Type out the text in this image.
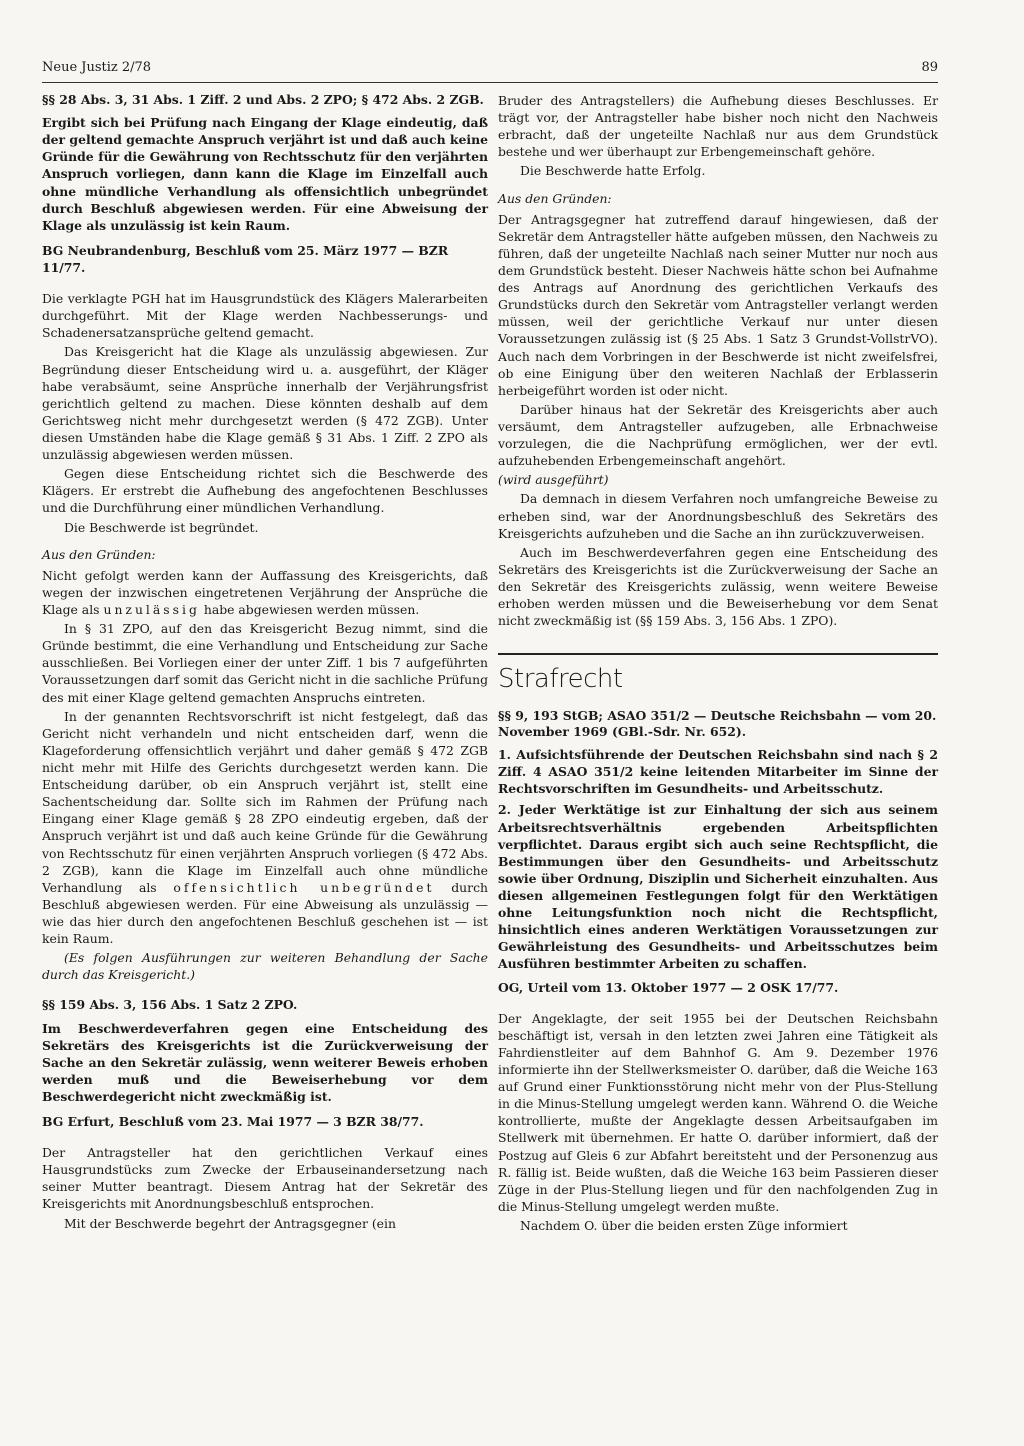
Neue Justiz 2/78	89

§§ 28 Abs. 3, 31 Abs. 1 Ziff. 2 und Abs. 2 ZPO; § 472 Abs. 2 ZGB.

Ergibt sich bei Prüfung nach Eingang der Klage eindeutig, daß der geltend gemachte Anspruch verjährt ist und daß auch keine Gründe für die Gewährung von Rechtsschutz für den verjährten Anspruch vorliegen, dann kann die Klage im Einzelfall auch ohne mündliche Verhandlung als offensichtlich unbegründet durch Beschluß abgewiesen werden. Für eine Abweisung der Klage als unzulässig ist kein Raum.

BG Neubrandenburg, Beschluß vom 25. März 1977 — BZR 11/77.

Die verklagte PGH hat im Hausgrundstück des Klägers Malerarbeiten durchgeführt. Mit der Klage werden Nachbesserungs- und Schadenersatzansprüche geltend gemacht.

Das Kreisgericht hat die Klage als unzulässig abgewiesen. Zur Begründung dieser Entscheidung wird u. a. ausgeführt, der Kläger habe verabsäumt, seine Ansprüche innerhalb der Verjährungsfrist gerichtlich geltend zu machen. Diese könnten deshalb auf dem Gerichtsweg nicht mehr durchgesetzt werden (§ 472 ZGB). Unter diesen Umständen habe die Klage gemäß § 31 Abs. 1 Ziff. 2 ZPO als unzulässig abgewiesen werden müssen.

Gegen diese Entscheidung richtet sich die Beschwerde des Klägers. Er erstrebt die Aufhebung des angefochtenen Beschlusses und die Durchführung einer mündlichen Verhandlung.

Die Beschwerde ist begründet.

Aus den Gründen:

Nicht gefolgt werden kann der Auffassung des Kreisgerichts, daß wegen der inzwischen eingetretenen Verjährung der Ansprüche die Klage als unzulässig habe abgewiesen werden müssen.

In § 31 ZPO, auf den das Kreisgericht Bezug nimmt, sind die Gründe bestimmt, die eine Verhandlung und Entscheidung zur Sache ausschließen. Bei Vorliegen einer der unter Ziff. 1 bis 7 aufgeführten Voraussetzungen darf somit das Gericht nicht in die sachliche Prüfung des mit einer Klage geltend gemachten Anspruchs eintreten.

In der genannten Rechtsvorschrift ist nicht festgelegt, daß das Gericht nicht verhandeln und nicht entscheiden darf, wenn die Klageforderung offensichtlich verjährt und daher gemäß § 472 ZGB nicht mehr mit Hilfe des Gerichts durchgesetzt werden kann. Die Entscheidung darüber, ob ein Anspruch verjährt ist, stellt eine Sachentscheidung dar. Sollte sich im Rahmen der Prüfung nach Eingang einer Klage gemäß § 28 ZPO eindeutig ergeben, daß der Anspruch verjährt ist und daß auch keine Gründe für die Gewährung von Rechtsschutz für einen verjährten Anspruch vorliegen (§ 472 Abs. 2 ZGB), kann die Klage im Einzelfall auch ohne mündliche Verhandlung als offensichtlich unbegründet durch Beschluß abgewiesen werden. Für eine Abweisung als unzulässig — wie das hier durch den angefochtenen Beschluß geschehen ist — ist kein Raum.

(Es folgen Ausführungen zur weiteren Behandlung der Sache durch das Kreisgericht.)

§§ 159 Abs. 3, 156 Abs. 1 Satz 2 ZPO.

Im Beschwerdeverfahren gegen eine Entscheidung des Sekretärs des Kreisgerichts ist die Zurückverweisung der Sache an den Sekretär zulässig, wenn weiterer Beweis erhoben werden muß und die Beweiserhebung vor dem Beschwerdegericht nicht zweckmäßig ist.

BG Erfurt, Beschluß vom 23. Mai 1977 — 3 BZR 38/77.

Der Antragsteller hat den gerichtlichen Verkauf eines Hausgrundstücks zum Zwecke der Erbauseinandersetzung nach seiner Mutter beantragt. Diesem Antrag hat der Sekretär des Kreisgerichts mit Anordnungsbeschluß entsprochen.

Mit der Beschwerde begehrt der Antragsgegner (ein

Bruder des Antragstellers) die Aufhebung dieses Beschlusses. Er trägt vor, der Antragsteller habe bisher noch nicht den Nachweis erbracht, daß der ungeteilte Nachlaß nur aus dem Grundstück bestehe und wer überhaupt zur Erbengemeinschaft gehöre.

Die Beschwerde hatte Erfolg.

Aus den Gründen:

Der Antragsgegner hat zutreffend darauf hingewiesen, daß der Sekretär dem Antragsteller hätte aufgeben müssen, den Nachweis zu führen, daß der ungeteilte Nachlaß nach seiner Mutter nur noch aus dem Grundstück besteht. Dieser Nachweis hätte schon bei Aufnahme des Antrags auf Anordnung des gerichtlichen Verkaufs des Grundstücks durch den Sekretär vom Antragsteller verlangt werden müssen, weil der gerichtliche Verkauf nur unter diesen Voraussetzungen zulässig ist (§ 25 Abs. 1 Satz 3 Grundst-VollstrVO). Auch nach dem Vorbringen in der Beschwerde ist nicht zweifelsfrei, ob eine Einigung über den weiteren Nachlaß der Erblasserin herbeigeführt worden ist oder nicht.

Darüber hinaus hat der Sekretär des Kreisgerichts aber auch versäumt, dem Antragsteller aufzugeben, alle Erbnachweise vorzulegen, die die Nachprüfung ermöglichen, wer der evtl. aufzuhebenden Erbengemeinschaft angehört.

(wird ausgeführt)

Da demnach in diesem Verfahren noch umfangreiche Beweise zu erheben sind, war der Anordnungsbeschluß des Sekretärs des Kreisgerichts aufzuheben und die Sache an ihn zurückzuverweisen.

Auch im Beschwerdeverfahren gegen eine Entscheidung des Sekretärs des Kreisgerichts ist die Zurückverweisung der Sache an den Sekretär des Kreisgerichts zulässig, wenn weitere Beweise erhoben werden müssen und die Beweiserhebung vor dem Senat nicht zweckmäßig ist (§§ 159 Abs. 3, 156 Abs. 1 ZPO).

Strafrecht

§§ 9, 193 StGB; ASAO 351/2 — Deutsche Reichsbahn — vom 20. November 1969 (GBl.-Sdr. Nr. 652).

1. Aufsichtsführende der Deutschen Reichsbahn sind nach § 2 Ziff. 4 ASAO 351/2 keine leitenden Mitarbeiter im Sinne der Rechtsvorschriften im Gesundheits- und Arbeitsschutz.

2. Jeder Werktätige ist zur Einhaltung der sich aus seinem Arbeitsrechtsverhältnis ergebenden Arbeitspflichten verpflichtet. Daraus ergibt sich auch seine Rechtspflicht, die Bestimmungen über den Gesundheits- und Arbeitsschutz sowie über Ordnung, Disziplin und Sicherheit einzuhalten. Aus diesen allgemeinen Festlegungen folgt für den Werktätigen ohne Leitungsfunktion noch nicht die Rechtspflicht, hinsichtlich eines anderen Werktätigen Voraussetzungen zur Gewährleistung des Gesundheits- und Arbeitsschutzes beim Ausführen bestimmter Arbeiten zu schaffen.

OG, Urteil vom 13. Oktober 1977 — 2 OSK 17/77.

Der Angeklagte, der seit 1955 bei der Deutschen Reichsbahn beschäftigt ist, versah in den letzten zwei Jahren eine Tätigkeit als Fahrdienstleiter auf dem Bahnhof G. Am 9. Dezember 1976 informierte ihn der Stellwerksmeister O. darüber, daß die Weiche 163 auf Grund einer Funktionsstörung nicht mehr von der Plus-Stellung in die Minus-Stellung umgelegt werden kann. Während O. die Weiche kontrollierte, mußte der Angeklagte dessen Arbeitsaufgaben im Stellwerk mit übernehmen. Er hatte O. darüber informiert, daß der Postzug auf Gleis 6 zur Abfahrt bereitsteht und der Personenzug aus R. fällig ist. Beide wußten, daß die Weiche 163 beim Passieren dieser Züge in der Plus-Stellung liegen und für den nachfolgenden Zug in die Minus-Stellung umgelegt werden mußte.

Nachdem O. über die beiden ersten Züge informiert
